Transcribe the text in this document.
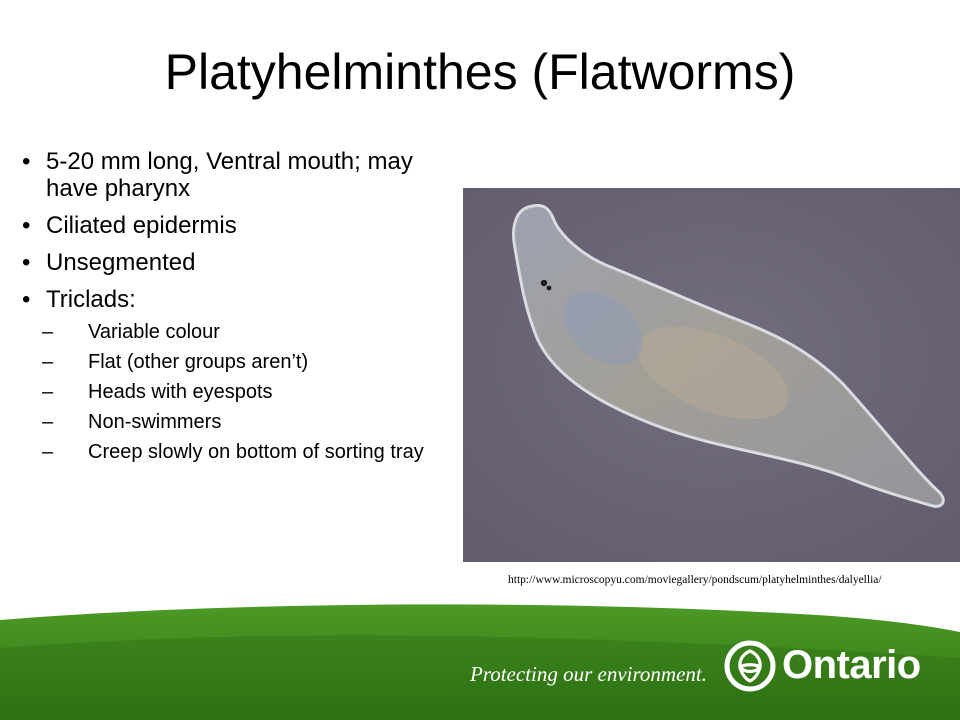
Platyhelminthes (Flatworms)
• 5-20 mm long, Ventral mouth; may have pharynx
• Ciliated epidermis
• Unsegmented
• Triclads:
– Variable colour
– Flat (other groups aren’t)
– Heads with eyespots
– Non-swimmers
– Creep slowly on bottom of sorting tray
http://www.microscopyu.com/moviegallery/pondscum/platyhelminthes/dalyellia/
Protecting our environment. Ontario
